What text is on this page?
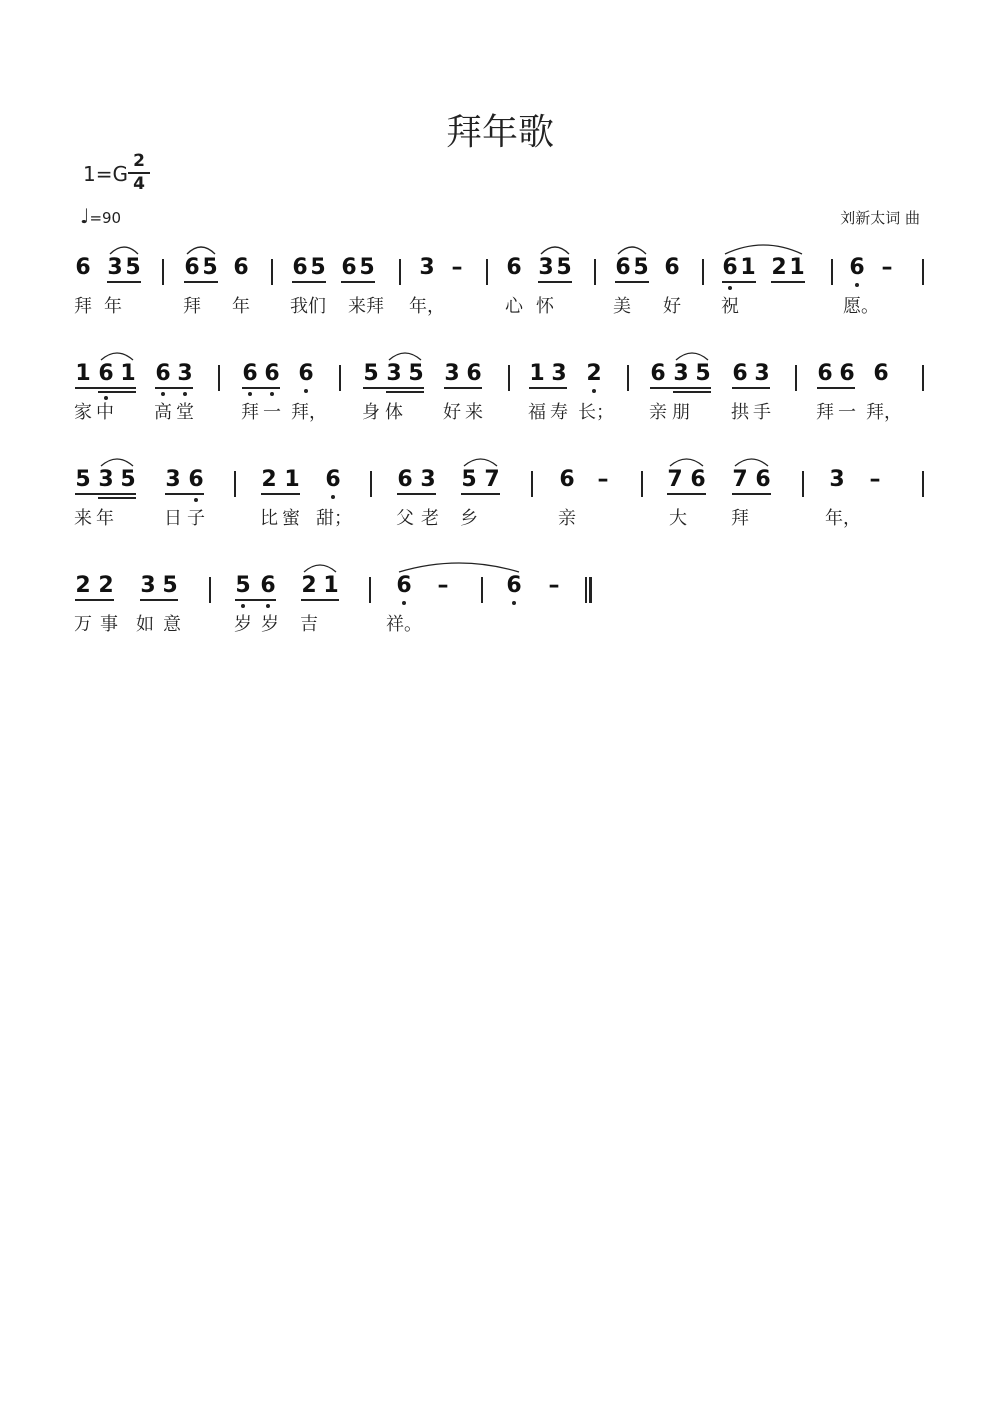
拜年歌
1=G
2
4
♩=90	刘新太词 曲
6 3 5 6 5 6 6 5 6 5 3 – 6 3 5 6 5 6 6 1 2 1 6 –
拜 年	拜 年 我们 来拜 年，	心 怀	美 好 祝	愿。
1 6 1 6 3 6 6 6 5 3 5 3 6 1 3 2 6 3 5 6 3 6 6 6
家 中 高 堂	拜 一 拜， 身 体 好 来	福 寿 长； 亲 朋 拱 手	拜 一 拜，
5 3 5 3 6	2 1 6	6 3 5 7	6 –	7 6 7 6	3 –
来 年	日 子	比 蜜 甜； 父 老 乡	亲	大 拜	年，
2 2 3 5	5 6 2 1	6 –	6 –
万 事 如 意	岁 岁 吉	祥。
